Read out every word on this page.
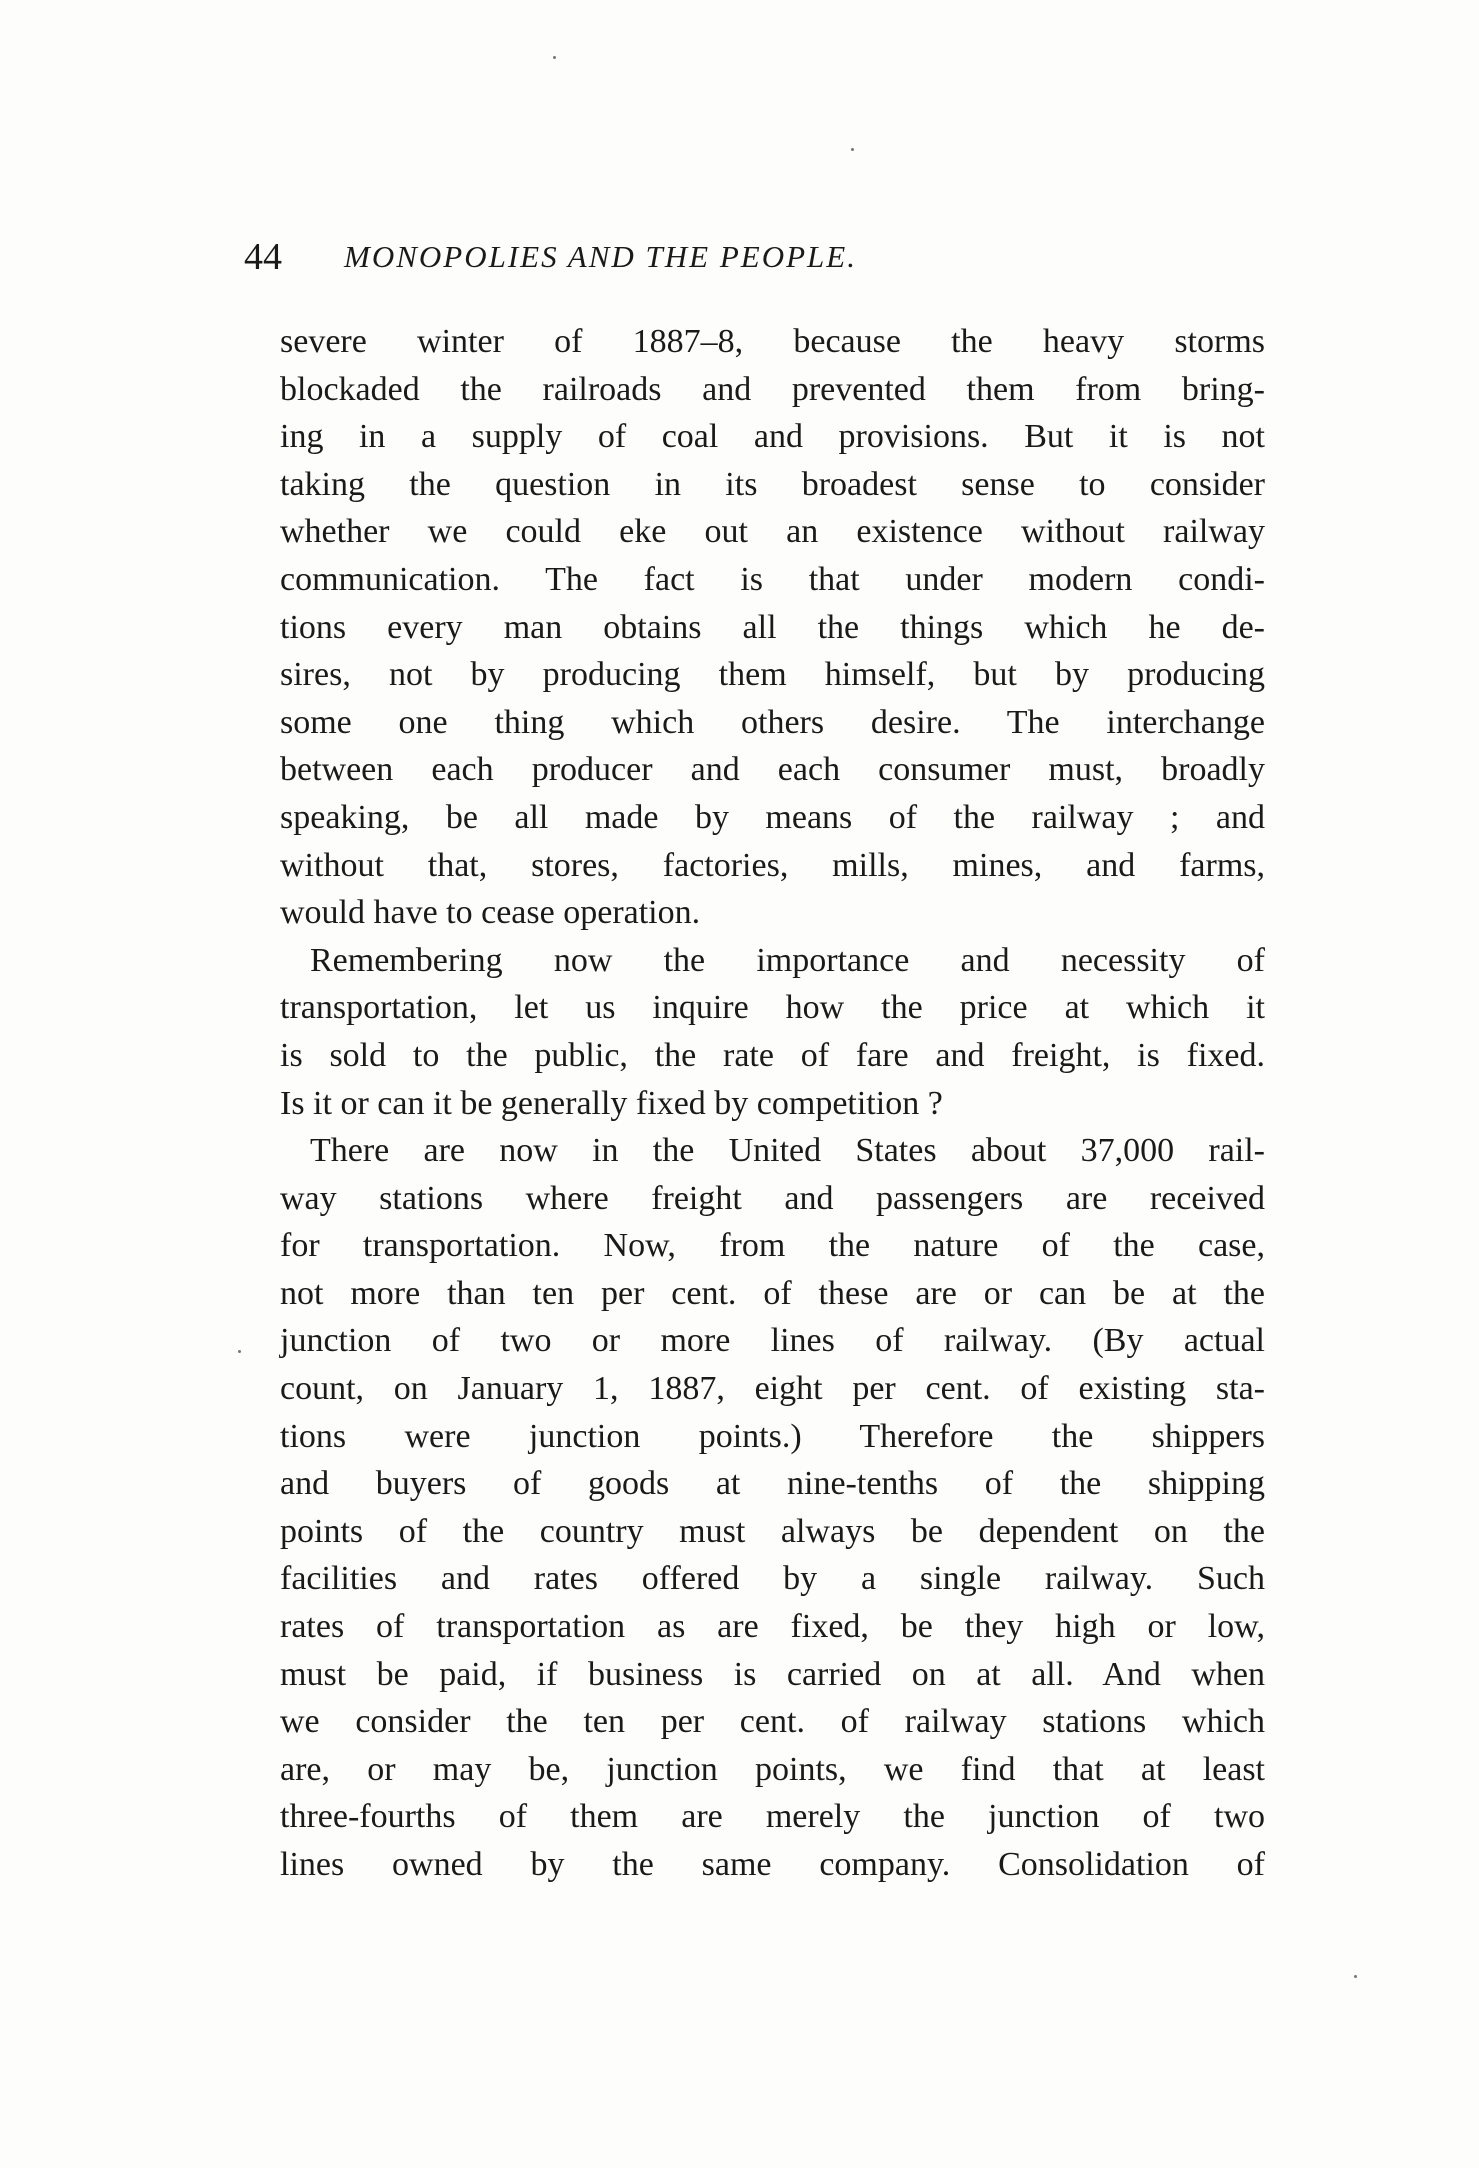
44 MONOPOLIES AND THE PEOPLE.
severe winter of 1887–8, because the heavy storms
blockaded the railroads and prevented them from bring-
ing in a supply of coal and provisions. But it is not
taking the question in its broadest sense to consider
whether we could eke out an existence without railway
communication. The fact is that under modern condi-
tions every man obtains all the things which he de-
sires, not by producing them himself, but by producing
some one thing which others desire. The interchange
between each producer and each consumer must, broadly
speaking, be all made by means of the railway ; and
without that, stores, factories, mills, mines, and farms,
would have to cease operation.
Remembering now the importance and necessity of
transportation, let us inquire how the price at which it
is sold to the public, the rate of fare and freight, is fixed.
Is it or can it be generally fixed by competition ?
There are now in the United States about 37,000 rail-
way stations where freight and passengers are received
for transportation. Now, from the nature of the case,
not more than ten per cent. of these are or can be at the
junction of two or more lines of railway. (By actual
count, on January 1, 1887, eight per cent. of existing sta-
tions were junction points.) Therefore the shippers
and buyers of goods at nine-tenths of the shipping
points of the country must always be dependent on the
facilities and rates offered by a single railway. Such
rates of transportation as are fixed, be they high or low,
must be paid, if business is carried on at all. And when
we consider the ten per cent. of railway stations which
are, or may be, junction points, we find that at least
three-fourths of them are merely the junction of two
lines owned by the same company. Consolidation of
